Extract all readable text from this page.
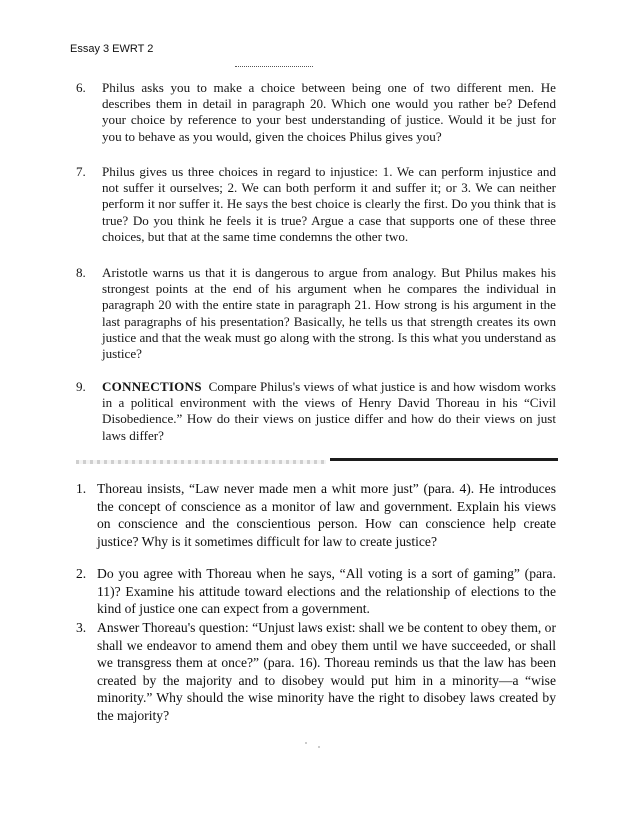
Essay 3 EWRT 2
6.	Philus asks you to make a choice between being one of two different men. He describes them in detail in paragraph 20. Which one would you rather be? Defend your choice by reference to your best understanding of justice. Would it be just for you to behave as you would, given the choices Philus gives you?
7.	Philus gives us three choices in regard to injustice: 1. We can perform injustice and not suffer it ourselves; 2. We can both perform it and suffer it; or 3. We can neither perform it nor suffer it. He says the best choice is clearly the first. Do you think that is true? Do you think he feels it is true? Argue a case that supports one of these three choices, but that at the same time condemns the other two.
8.	Aristotle warns us that it is dangerous to argue from analogy. But Philus makes his strongest points at the end of his argument when he compares the individual in paragraph 20 with the entire state in paragraph 21. How strong is his argument in the last paragraphs of his presentation? Basically, he tells us that strength creates its own justice and that the weak must go along with the strong. Is this what you understand as justice?
9.	CONNECTIONS Compare Philus's views of what justice is and how wisdom works in a political environment with the views of Henry David Thoreau in his “Civil Disobedience.” How do their views on justice differ and how do their views on just laws differ?
1. Thoreau insists, “Law never made men a whit more just” (para. 4). He introduces the concept of conscience as a monitor of law and government. Explain his views on conscience and the conscientious person. How can conscience help create justice? Why is it sometimes difficult for law to create justice?
2. Do you agree with Thoreau when he says, “All voting is a sort of gaming” (para. 11)? Examine his attitude toward elections and the relationship of elections to the kind of justice one can expect from a government.
3. Answer Thoreau's question: “Unjust laws exist: shall we be content to obey them, or shall we endeavor to amend them and obey them until we have succeeded, or shall we transgress them at once?” (para. 16). Thoreau reminds us that the law has been created by the majority and to disobey would put him in a minority—a “wise minority.” Why should the wise minority have the right to disobey laws created by the majority?
